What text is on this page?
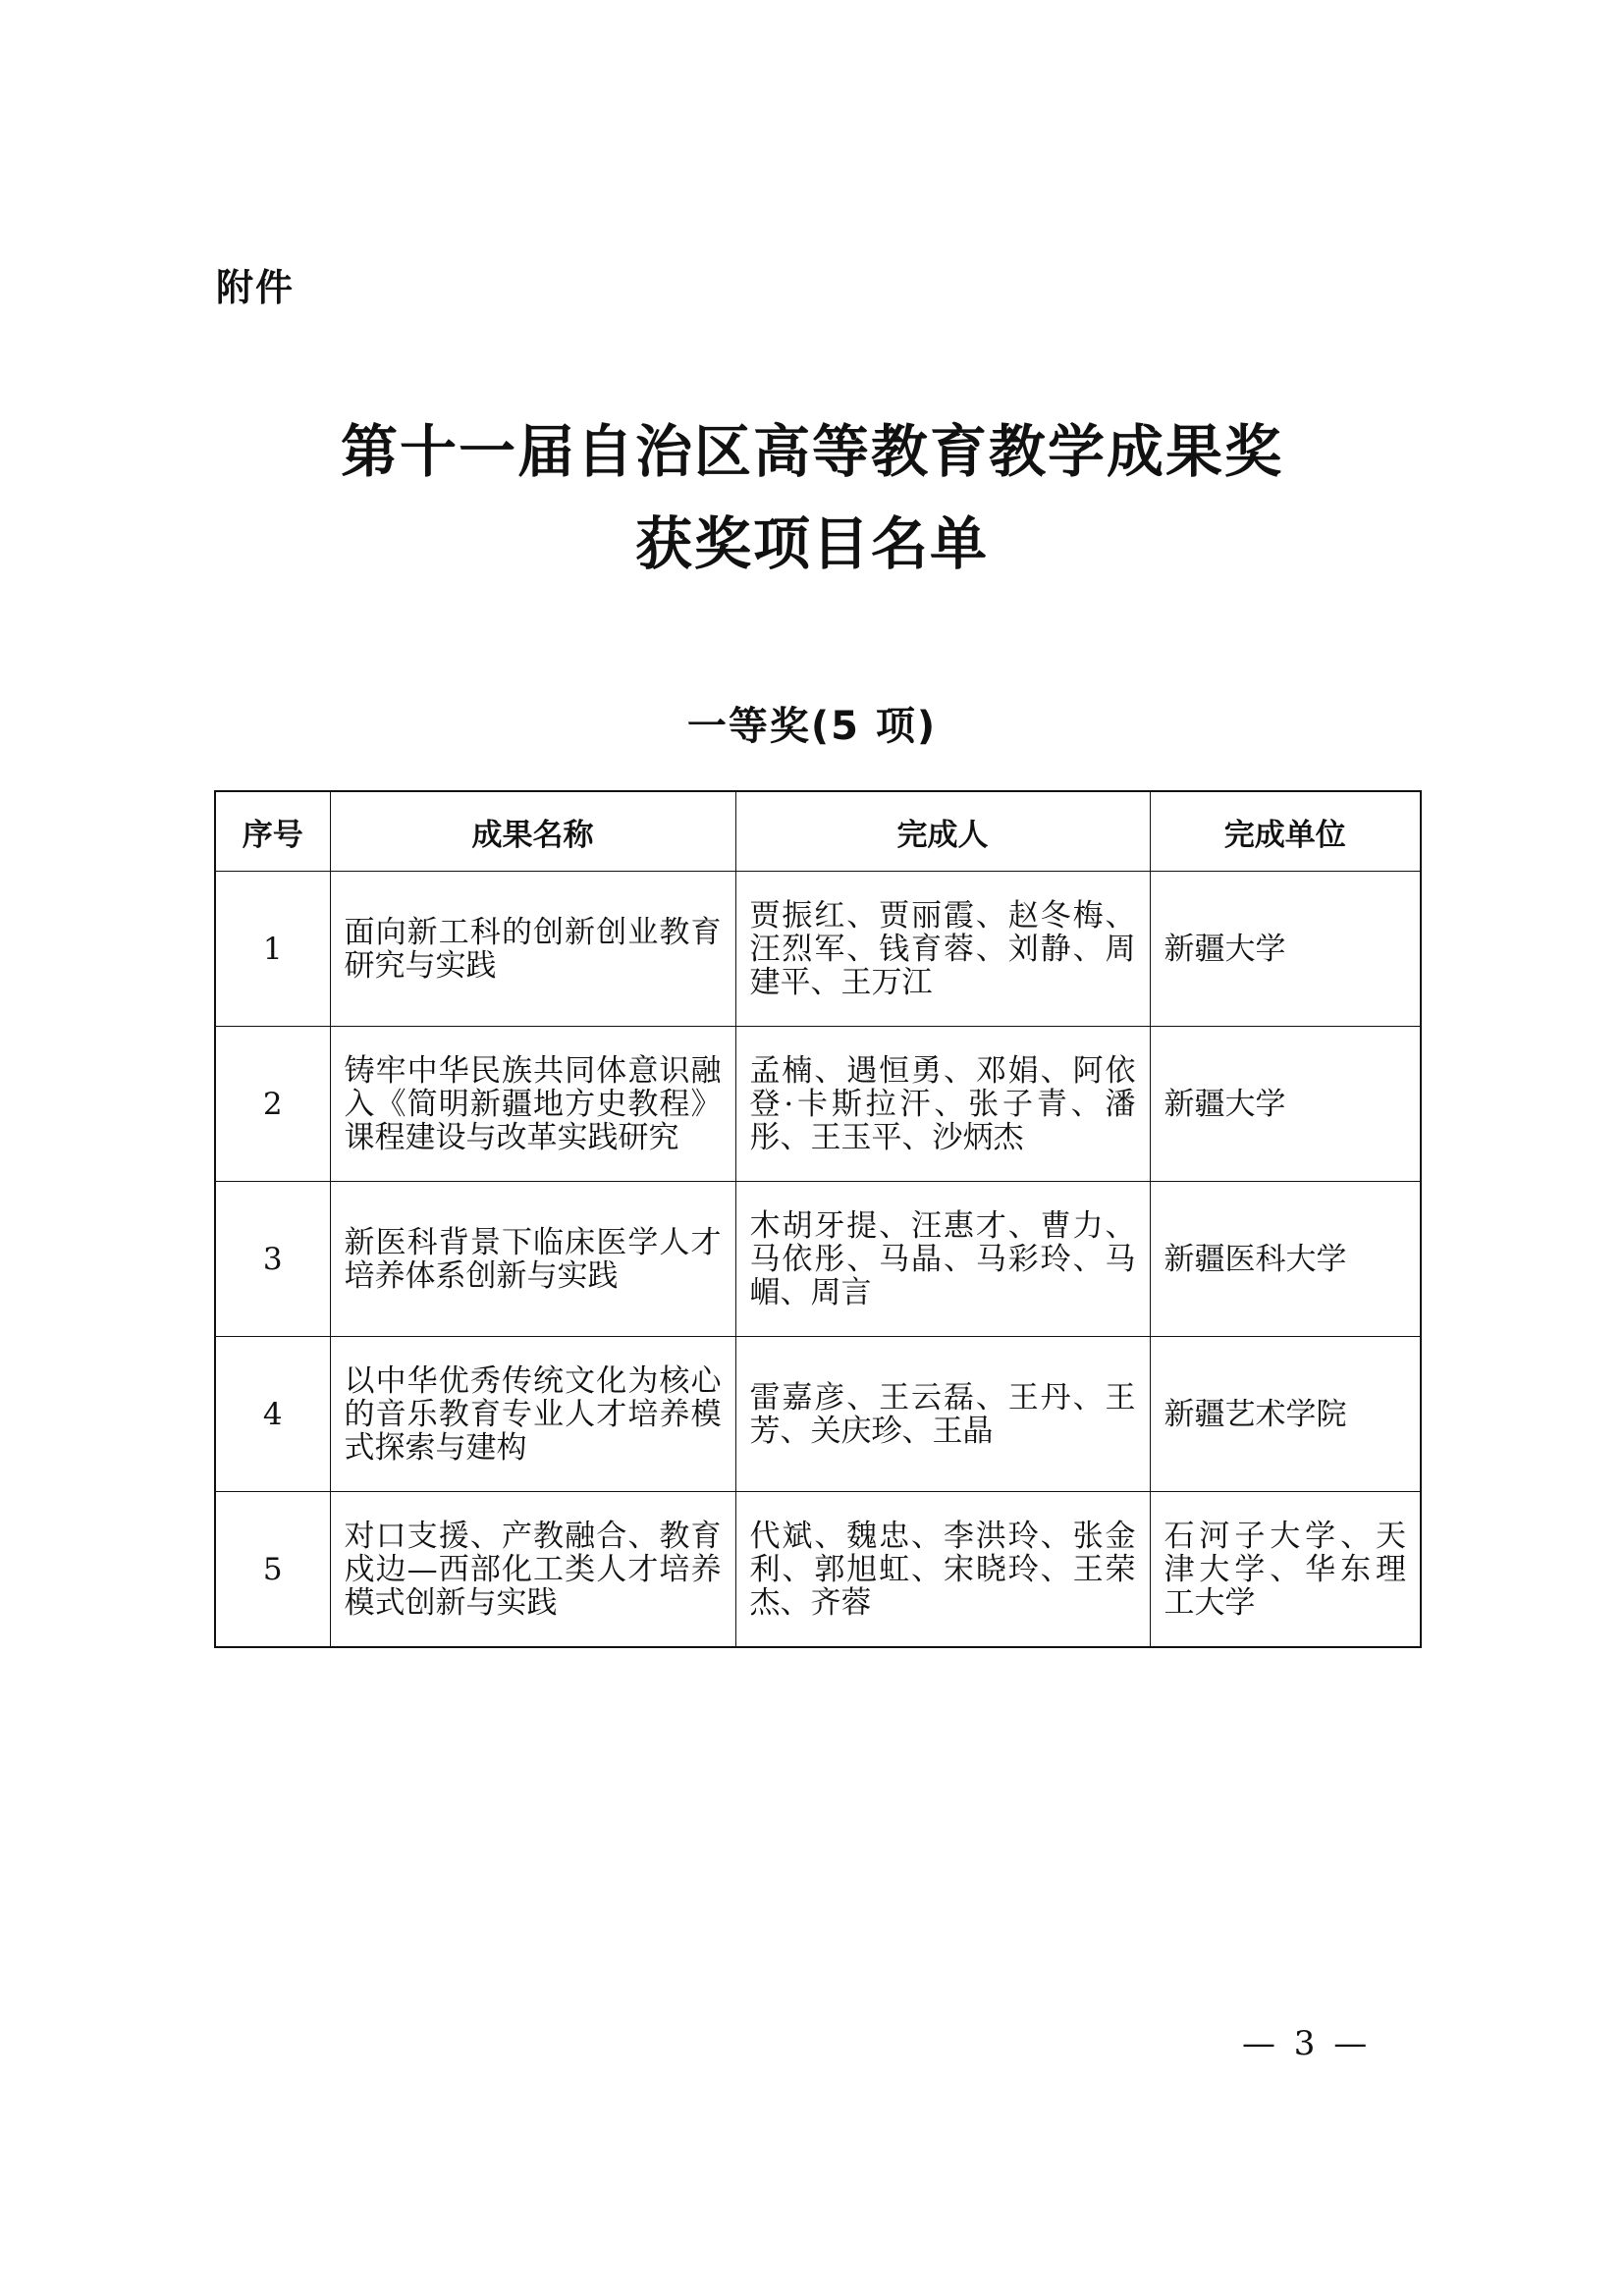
附件
第十一届自治区高等教育教学成果奖
获奖项目名单
一等奖(5 项)
序号	成果名称	完成人	完成单位
1	面向新工科的创新创业教育研究与实践	贾振红、贾丽霞、赵冬梅、汪烈军、钱育蓉、刘静、周建平、王万江	新疆大学
2	铸牢中华民族共同体意识融入《简明新疆地方史教程》课程建设与改革实践研究	孟楠、遇恒勇、邓娟、阿依登·卡斯拉汗、张子青、潘彤、王玉平、沙炳杰	新疆大学
3	新医科背景下临床医学人才培养体系创新与实践	木胡牙提、汪惠才、曹力、马依彤、马晶、马彩玲、马嵋、周言	新疆医科大学
4	以中华优秀传统文化为核心的音乐教育专业人才培养模式探索与建构	雷嘉彦、王云磊、王丹、王芳、关庆珍、王晶	新疆艺术学院
5	对口支援、产教融合、教育戍边—西部化工类人才培养模式创新与实践	代斌、魏忠、李洪玲、张金利、郭旭虹、宋晓玲、王荣杰、齐蓉	石河子大学、天津大学、华东理工大学
— 3 —
